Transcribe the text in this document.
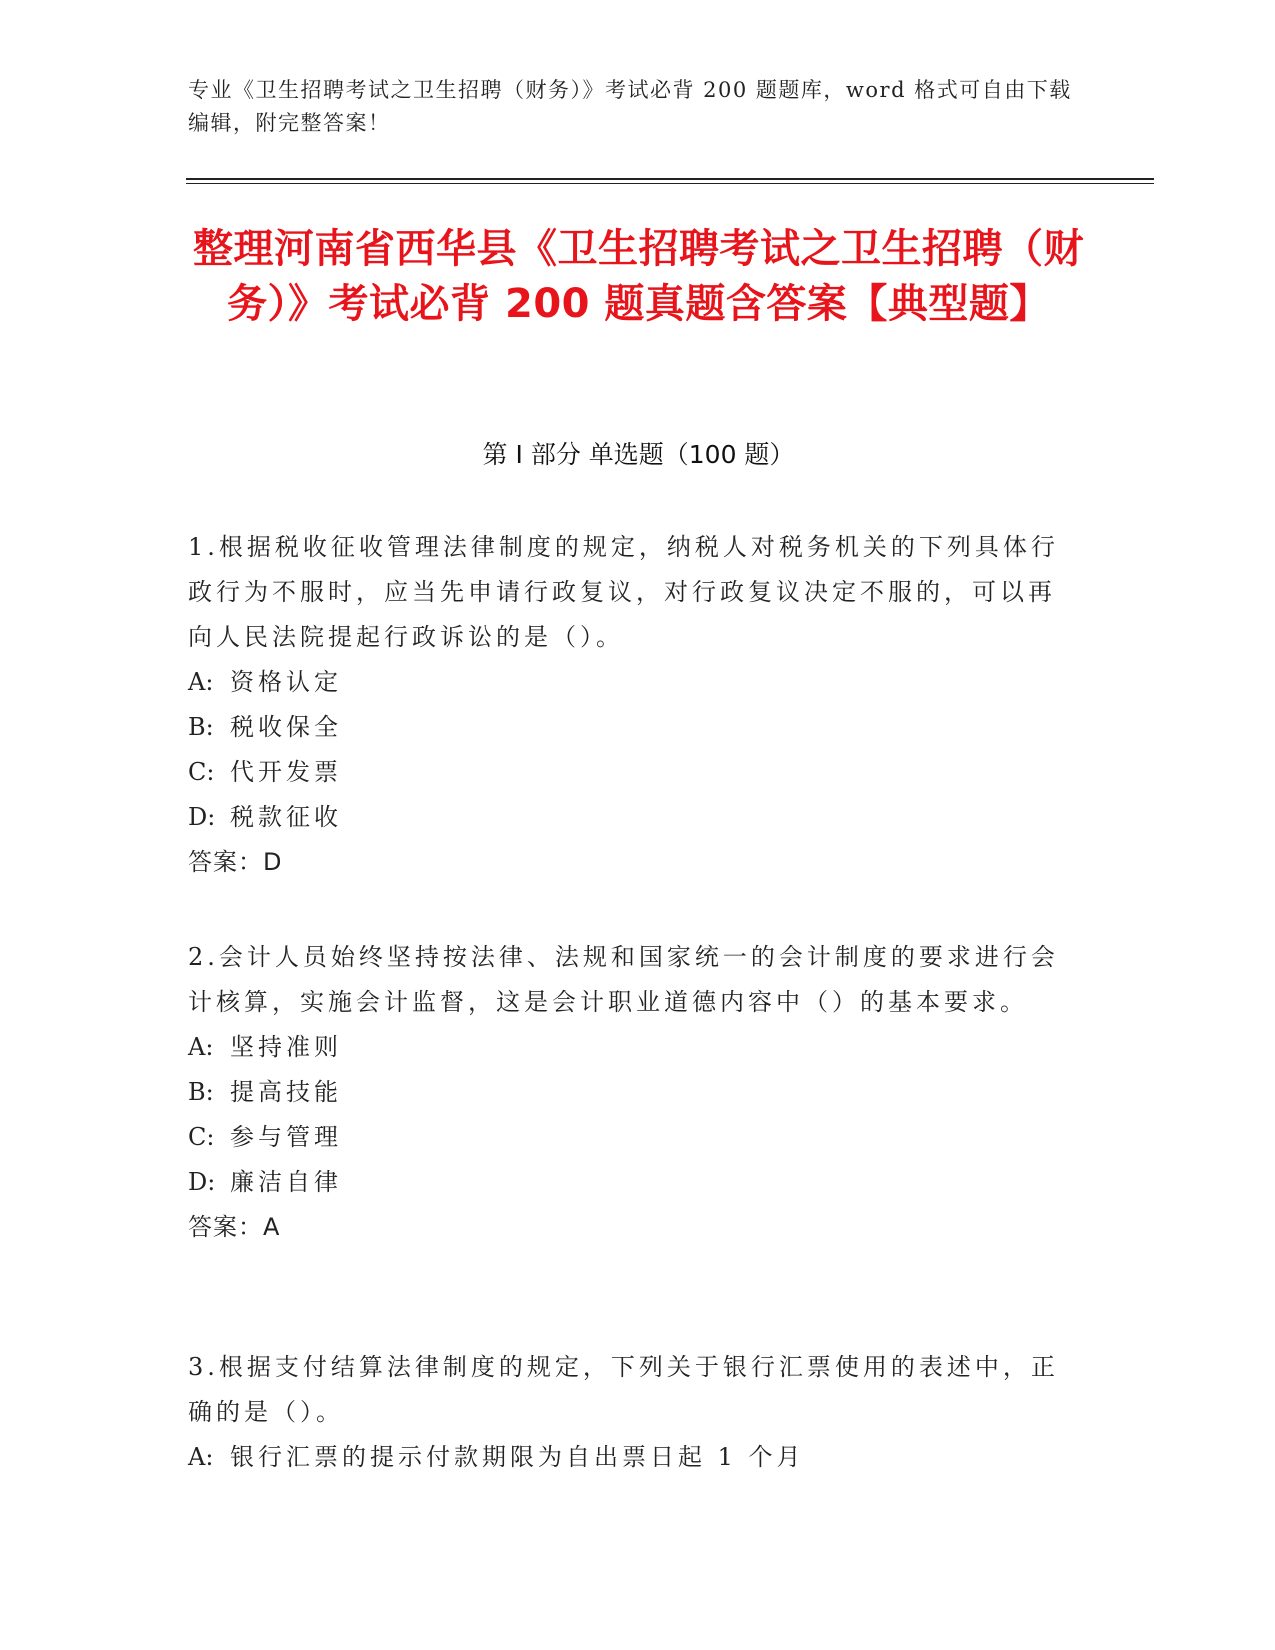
专业《卫生招聘考试之卫生招聘（财务）》考试必背 200 题题库，word 格式可自由下载编辑，附完整答案！
整理河南省西华县《卫生招聘考试之卫生招聘（财务）》考试必背 200 题真题含答案【典型题】
第 I 部分 单选题（100 题）
1.根据税收征收管理法律制度的规定，纳税人对税务机关的下列具体行政行为不服时，应当先申请行政复议，对行政复议决定不服的，可以再向人民法院提起行政诉讼的是（）。
A: 资格认定
B: 税收保全
C: 代开发票
D: 税款征收
答案：D
2.会计人员始终坚持按法律、法规和国家统一的会计制度的要求进行会计核算，实施会计监督，这是会计职业道德内容中（）的基本要求。
A: 坚持准则
B: 提高技能
C: 参与管理
D: 廉洁自律
答案：A
3.根据支付结算法律制度的规定，下列关于银行汇票使用的表述中，正确的是（）。
A: 银行汇票的提示付款期限为自出票日起 1 个月
